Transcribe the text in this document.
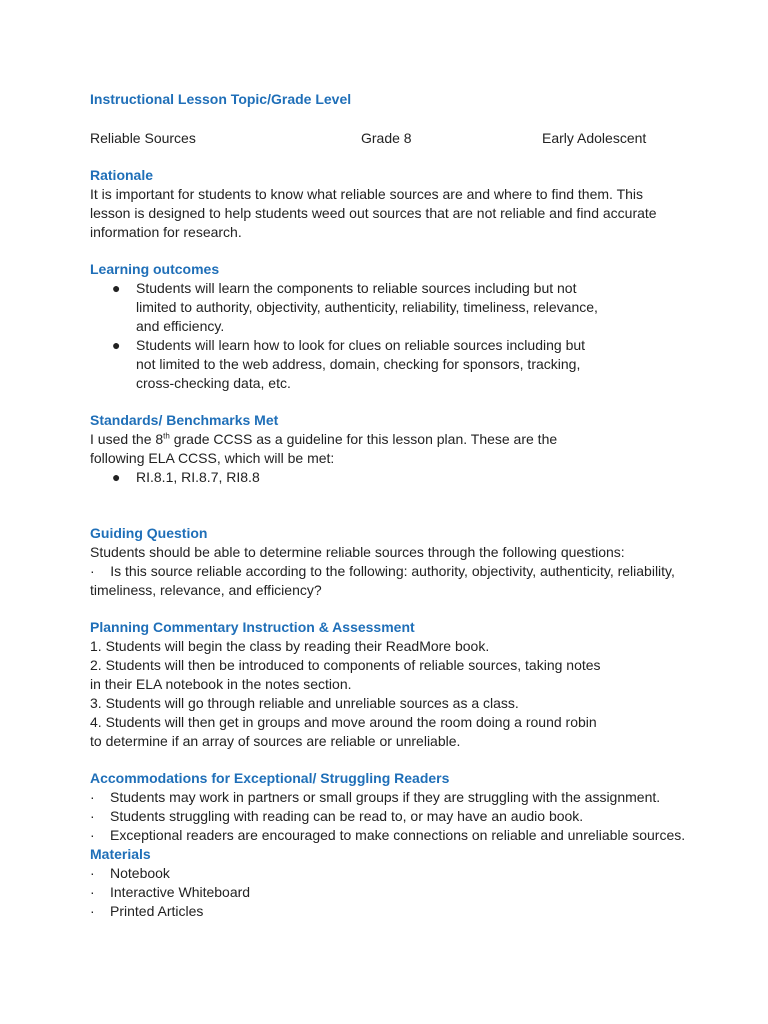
Instructional Lesson Topic/Grade Level

Reliable Sources	Grade 8	Early Adolescent

Rationale

It is important for students to know what reliable sources are and where to find them. This lesson is designed to help students weed out sources that are not reliable and find accurate information for research.

Learning outcomes

● Students will learn the components to reliable sources including but not limited to authority, objectivity, authenticity, reliability, timeliness, relevance, and efficiency.
● Students will learn how to look for clues on reliable sources including but not limited to the web address, domain, checking for sponsors, tracking, cross-checking data, etc.

Standards/ Benchmarks Met

I used the 8th grade CCSS as a guideline for this lesson plan. These are the following ELA CCSS, which will be met:

● RI.8.1, RI.8.7, RI8.8

Guiding Question

Students should be able to determine reliable sources through the following questions:

·    Is this source reliable according to the following: authority, objectivity, authenticity, reliability, timeliness, relevance, and efficiency?

Planning Commentary Instruction & Assessment

1. Students will begin the class by reading their ReadMore book.
2. Students will then be introduced to components of reliable sources, taking notes in their ELA notebook in the notes section.
3. Students will go through reliable and unreliable sources as a class.
4. Students will then get in groups and move around the room doing a round robin to determine if an array of sources are reliable or unreliable.

Accommodations for Exceptional/ Struggling Readers

· Students may work in partners or small groups if they are struggling with the assignment.
· Students struggling with reading can be read to, or may have an audio book.
· Exceptional readers are encouraged to make connections on reliable and unreliable sources.

Materials

· Notebook
· Interactive Whiteboard
· Printed Articles
